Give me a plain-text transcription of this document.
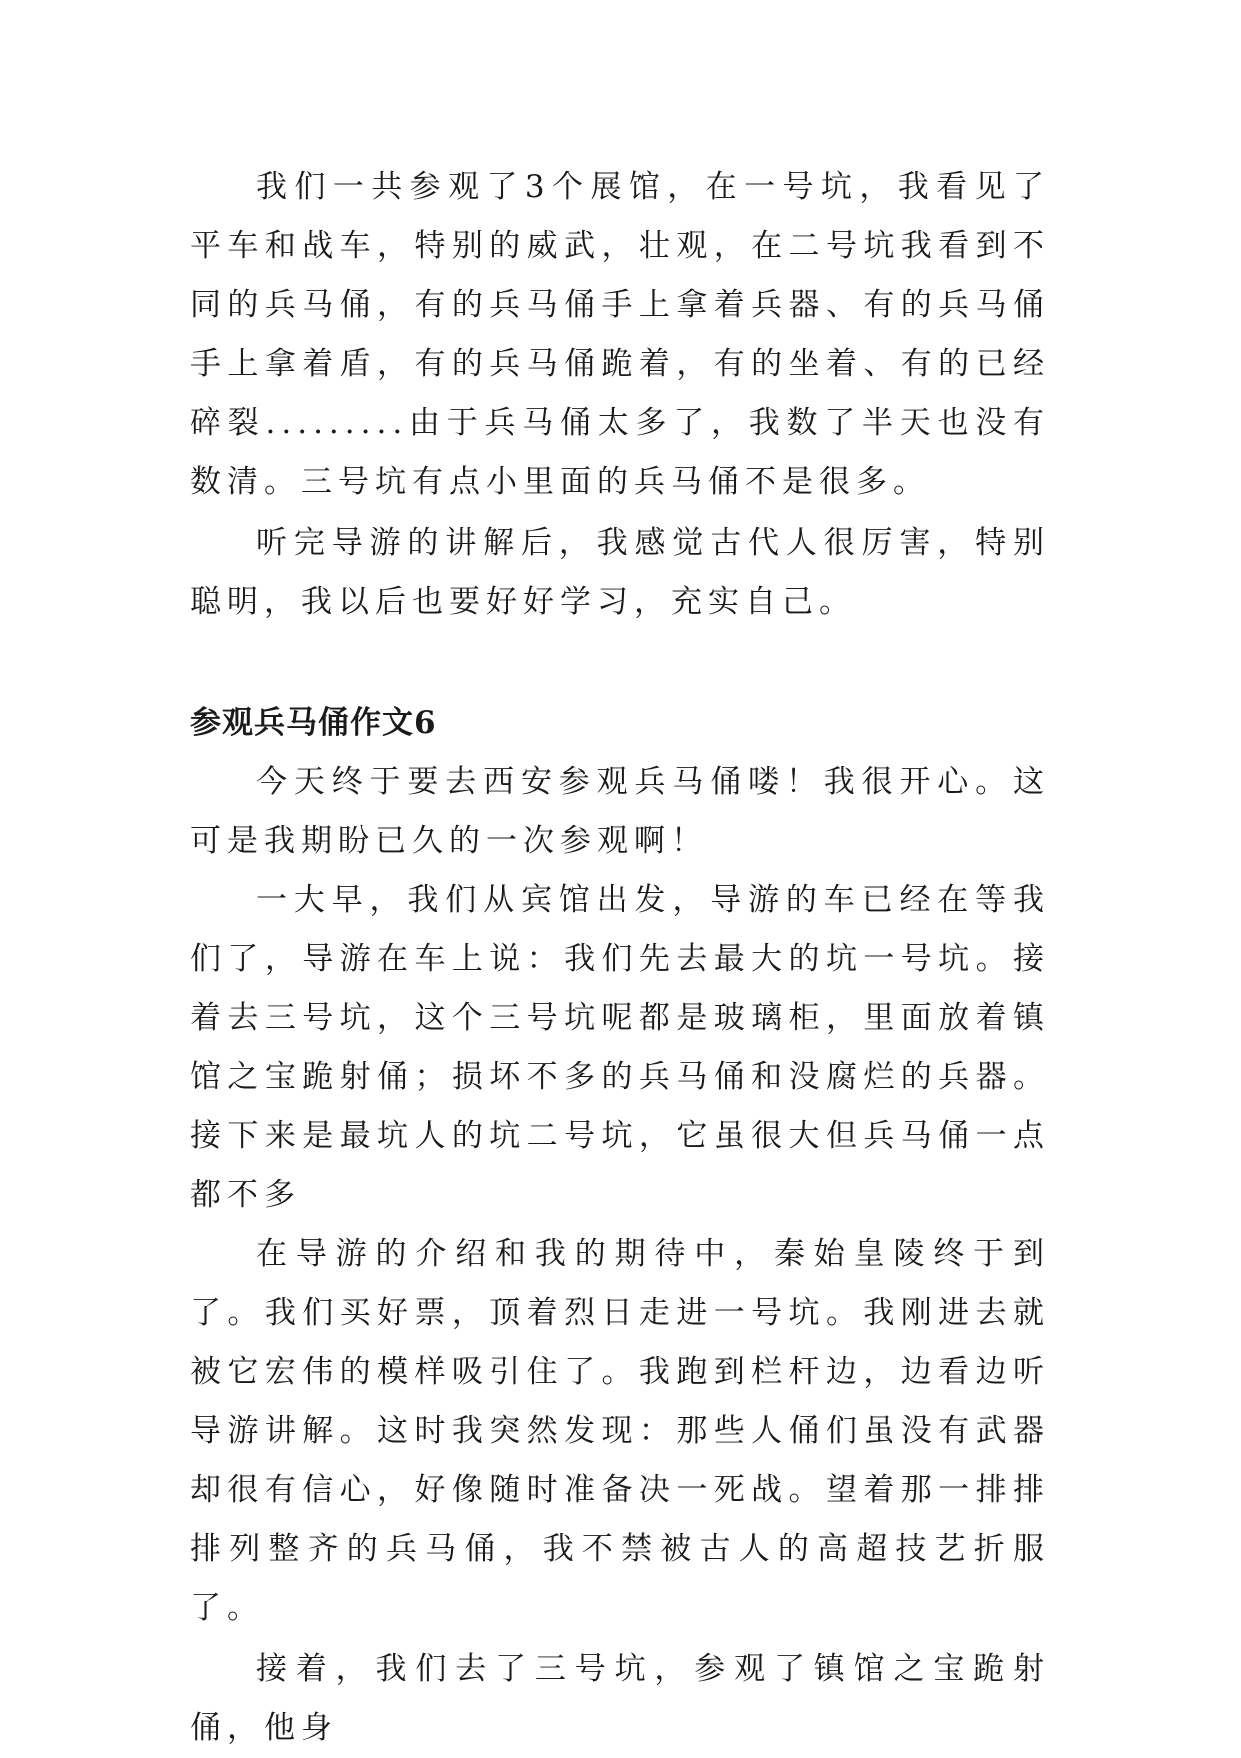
我们一共参观了3个展馆，在一号坑，我看见了平车和战车，特别的威武，壮观，在二号坑我看到不同的兵马俑，有的兵马俑手上拿着兵器、有的兵马俑手上拿着盾，有的兵马俑跪着，有的坐着、有的已经碎裂.........由于兵马俑太多了，我数了半天也没有数清。三号坑有点小里面的兵马俑不是很多。

听完导游的讲解后，我感觉古代人很厉害，特别聪明，我以后也要好好学习，充实自己。

参观兵马俑作文6

今天终于要去西安参观兵马俑喽！我很开心。这可是我期盼已久的一次参观啊！

一大早，我们从宾馆出发，导游的车已经在等我们了，导游在车上说：我们先去最大的坑一号坑。接着去三号坑，这个三号坑呢都是玻璃柜，里面放着镇馆之宝跪射俑；损坏不多的兵马俑和没腐烂的兵器。接下来是最坑人的坑二号坑，它虽很大但兵马俑一点都不多

在导游的介绍和我的期待中，秦始皇陵终于到了。我们买好票，顶着烈日走进一号坑。我刚进去就被它宏伟的模样吸引住了。我跑到栏杆边，边看边听导游讲解。这时我突然发现：那些人俑们虽没有武器却很有信心，好像随时准备决一死战。望着那一排排排列整齐的兵马俑，我不禁被古人的高超技艺折服了。

接着，我们去了三号坑，参观了镇馆之宝跪射俑，他身
